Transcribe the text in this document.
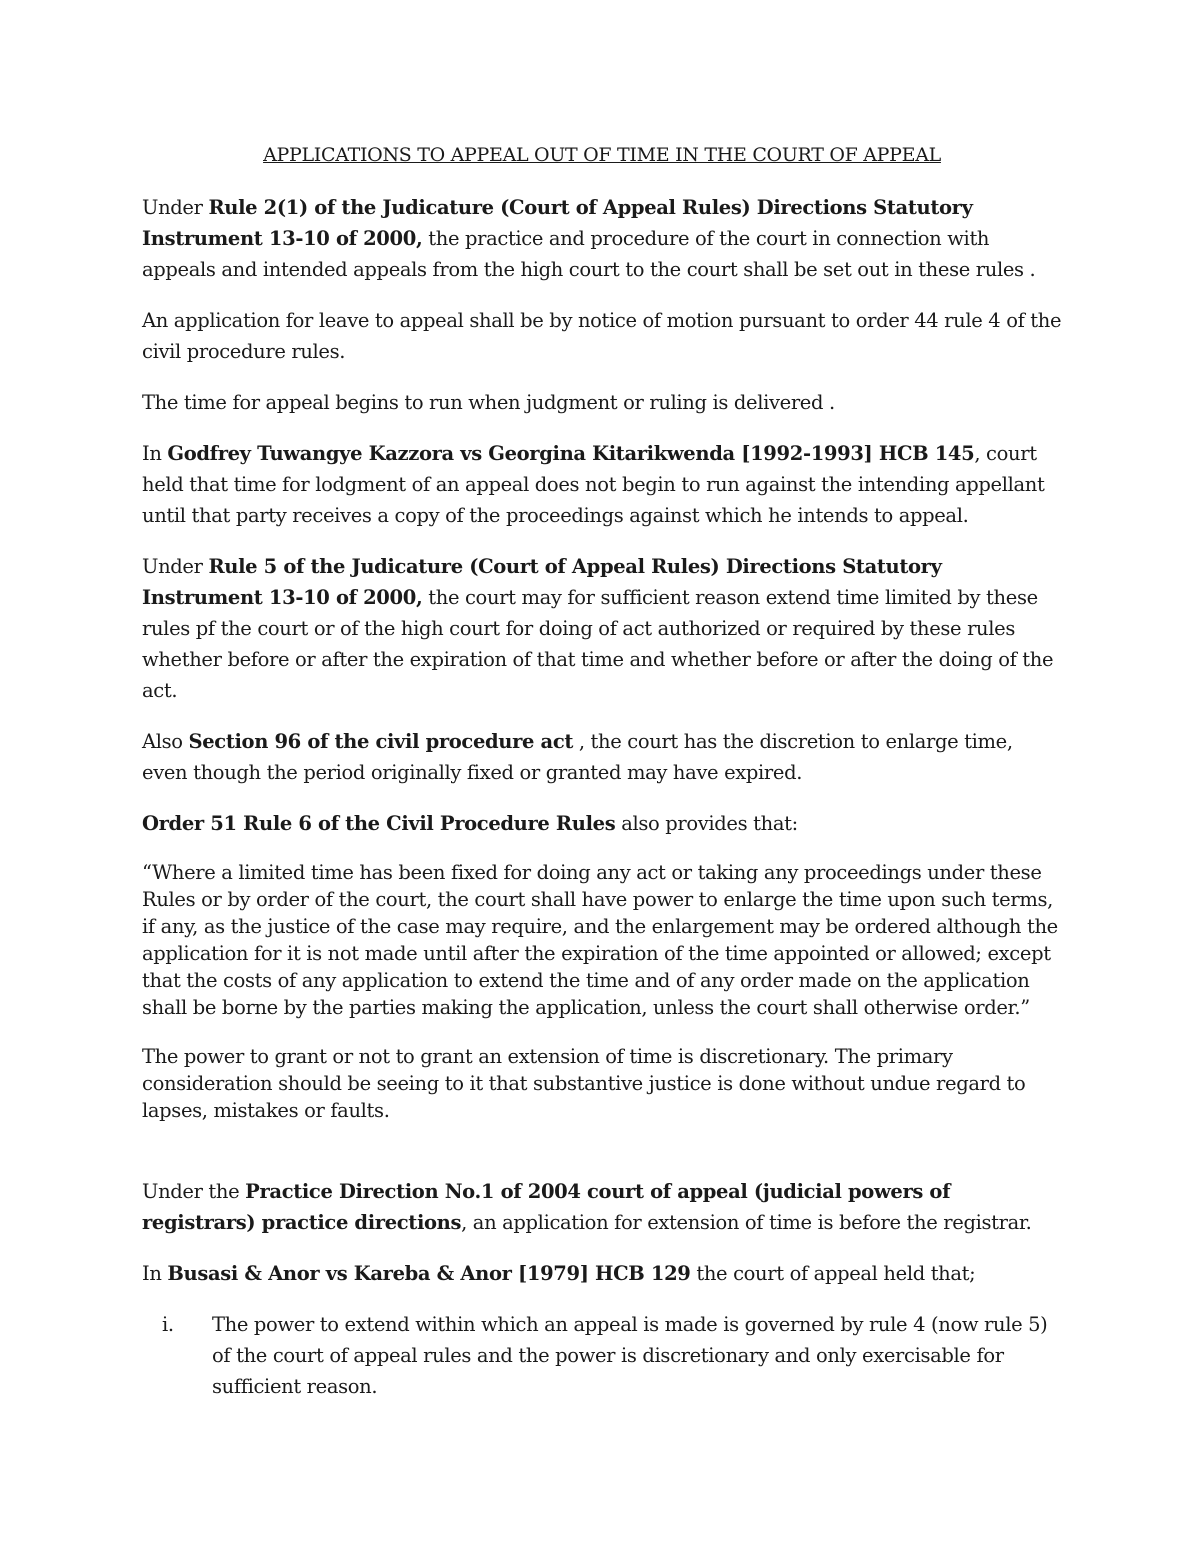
APPLICATIONS TO APPEAL OUT OF TIME IN THE COURT OF APPEAL

Under Rule 2(1) of the Judicature (Court of Appeal Rules) Directions Statutory Instrument 13-10 of 2000, the practice and procedure of the court in connection with appeals and intended appeals from the high court to the court shall be set out in these rules .

An application for leave to appeal shall be by notice of motion pursuant to order 44 rule 4 of the civil procedure rules.

The time for appeal begins to run when judgment or ruling is delivered .

In Godfrey Tuwangye Kazzora vs Georgina Kitarikwenda [1992-1993] HCB 145, court held that time for lodgment of an appeal does not begin to run against the intending appellant until that party receives a copy of the proceedings against which he intends to appeal.

Under Rule 5 of the Judicature (Court of Appeal Rules) Directions Statutory Instrument 13-10 of 2000, the court may for sufficient reason extend time limited by these rules pf the court or of the high court for doing of act authorized or required by these rules whether before or after the expiration of that time and whether before or after the doing of the act.

Also Section 96 of the civil procedure act , the court has the discretion to enlarge time, even though the period originally fixed or granted may have expired.

Order 51 Rule 6 of the Civil Procedure Rules also provides that:

“Where a limited time has been fixed for doing any act or taking any proceedings under these Rules or by order of the court, the court shall have power to enlarge the time upon such terms, if any, as the justice of the case may require, and the enlargement may be ordered although the application for it is not made until after the expiration of the time appointed or allowed; except that the costs of any application to extend the time and of any order made on the application shall be borne by the parties making the application, unless the court shall otherwise order.”

The power to grant or not to grant an extension of time is discretionary. The primary consideration should be seeing to it that substantive justice is done without undue regard to lapses, mistakes or faults.

Under the Practice Direction No.1 of 2004 court of appeal (judicial powers of registrars) practice directions, an application for extension of time is before the registrar.

In Busasi & Anor vs Kareba & Anor [1979] HCB 129 the court of appeal held that;

i.	The power to extend within which an appeal is made is governed by rule 4 (now rule 5) of the court of appeal rules and the power is discretionary and only exercisable for sufficient reason.
